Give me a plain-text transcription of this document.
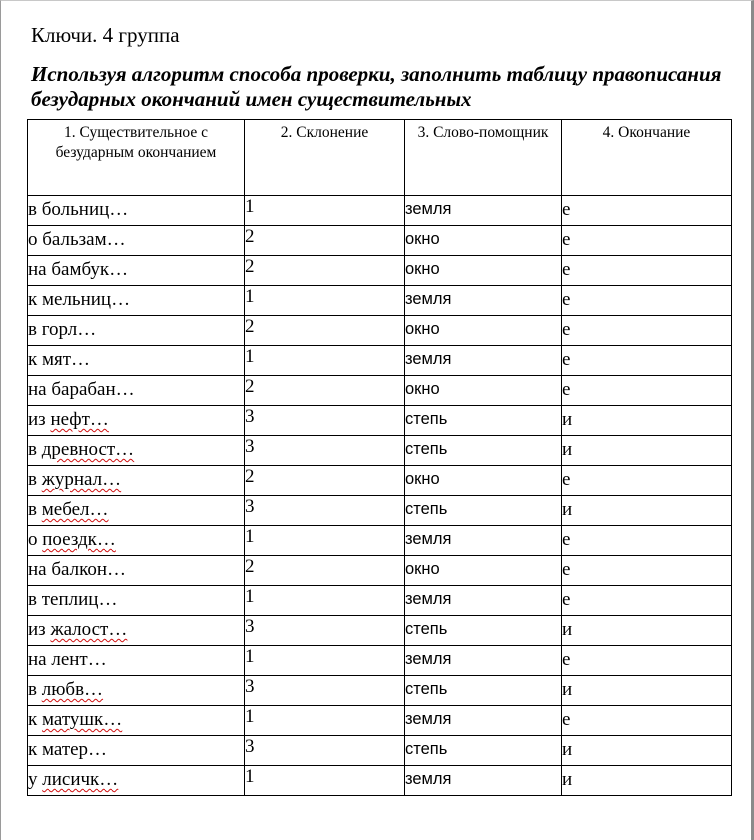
Ключи. 4 группа
Используя алгоритм способа проверки, заполнить таблицу правописания безударных окончаний имен существительных
1. Существительное с безударным окончанием	2. Склонение	3. Слово-помощник	4. Окончание
в больниц…	1	земля	е
о бальзам…	2	окно	е
на бамбук…	2	окно	е
к мельниц…	1	земля	е
в горл…	2	окно	е
к мят…	1	земля	е
на барабан…	2	окно	е
из нефт…	3	степь	и
в древност…	3	степь	и
в журнал…	2	окно	е
в мебел…	3	степь	и
о поездк…	1	земля	е
на балкон…	2	окно	е
в теплиц…	1	земля	е
из жалост…	3	степь	и
на лент…	1	земля	е
в любв…	3	степь	и
к матушк…	1	земля	е
к матер…	3	степь	и
у лисичк…	1	земля	и
